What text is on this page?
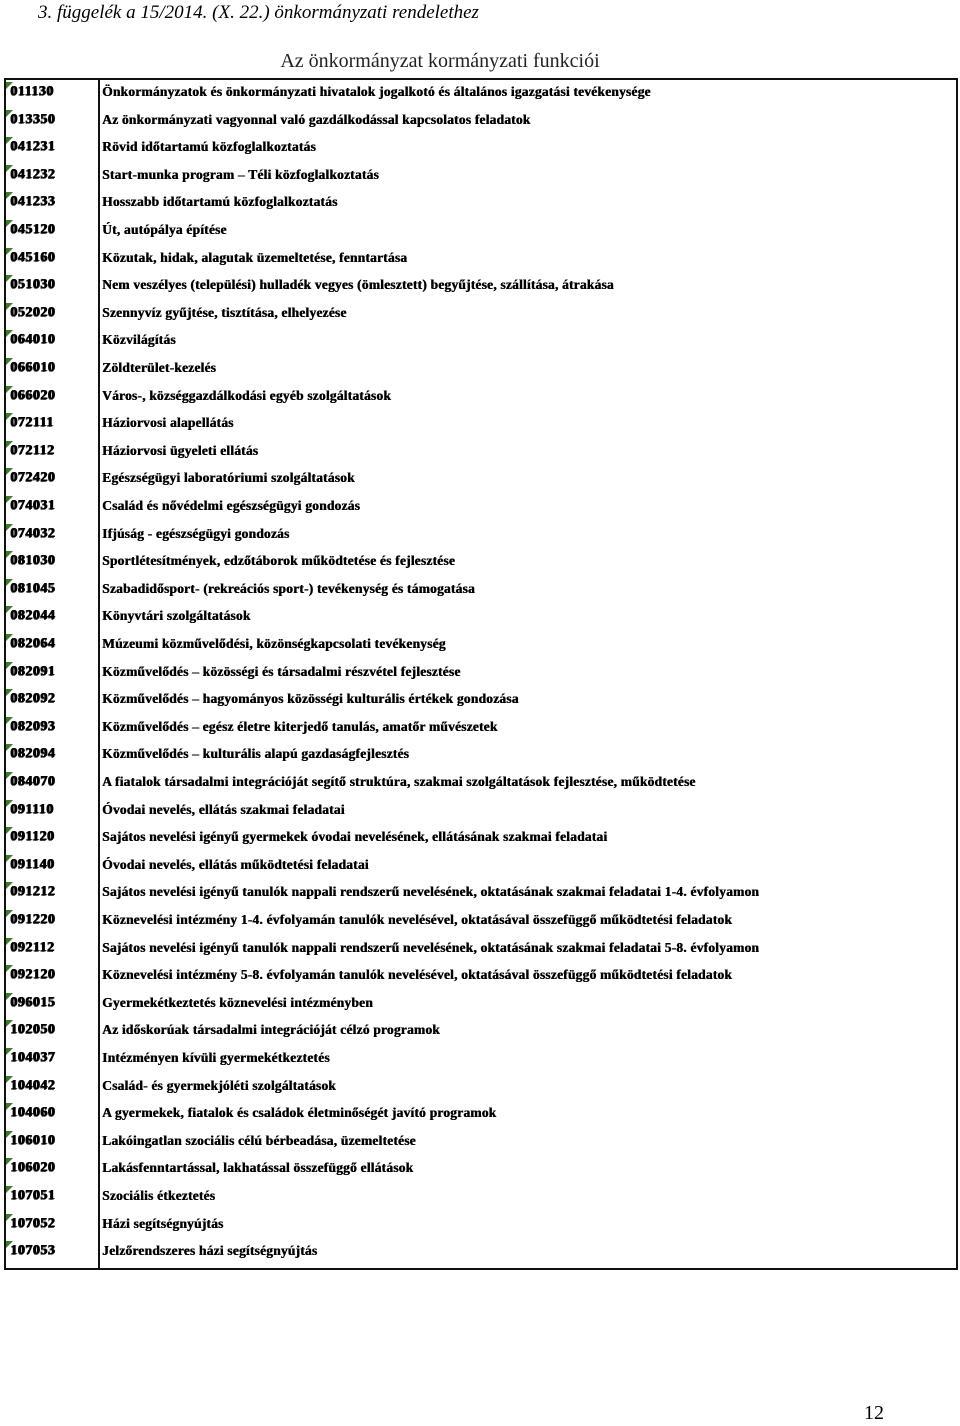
3. függelék a 15/2014. (X. 22.) önkormányzati rendelethez
Az önkormányzat kormányzati funkciói
011130	Önkormányzatok és önkormányzati hivatalok jogalkotó és általános igazgatási tevékenysége
013350	Az önkormányzati vagyonnal való gazdálkodással kapcsolatos feladatok
041231	Rövid időtartamú közfoglalkoztatás
041232	Start-munka program – Téli közfoglalkoztatás
041233	Hosszabb időtartamú közfoglalkoztatás
045120	Út, autópálya építése
045160	Közutak, hidak, alagutak üzemeltetése, fenntartása
051030	Nem veszélyes (települési) hulladék vegyes (ömlesztett) begyűjtése, szállítása, átrakása
052020	Szennyvíz gyűjtése, tisztítása, elhelyezése
064010	Közvilágítás
066010	Zöldterület-kezelés
066020	Város-, községgazdálkodási egyéb szolgáltatások
072111	Háziorvosi alapellátás
072112	Háziorvosi ügyeleti ellátás
072420	Egészségügyi laboratóriumi szolgáltatások
074031	Család és nővédelmi egészségügyi gondozás
074032	Ifjúság - egészségügyi gondozás
081030	Sportlétesítmények, edzőtáborok működtetése és fejlesztése
081045	Szabadidősport- (rekreációs sport-) tevékenység és támogatása
082044	Könyvtári szolgáltatások
082064	Múzeumi közművelődési, közönségkapcsolati tevékenység
082091	Közművelődés – közösségi és társadalmi részvétel fejlesztése
082092	Közművelődés – hagyományos közösségi kulturális értékek gondozása
082093	Közművelődés – egész életre kiterjedő tanulás, amatőr művészetek
082094	Közművelődés – kulturális alapú gazdaságfejlesztés
084070	A fiatalok társadalmi integrációját segítő struktúra, szakmai szolgáltatások fejlesztése, működtetése
091110	Óvodai nevelés, ellátás szakmai feladatai
091120	Sajátos nevelési igényű gyermekek óvodai nevelésének, ellátásának szakmai feladatai
091140	Óvodai nevelés, ellátás működtetési feladatai
091212	Sajátos nevelési igényű tanulók nappali rendszerű nevelésének, oktatásának szakmai feladatai 1-4. évfolyamon
091220	Köznevelési intézmény 1-4. évfolyamán tanulók nevelésével, oktatásával összefüggő működtetési feladatok
092112	Sajátos nevelési igényű tanulók nappali rendszerű nevelésének, oktatásának szakmai feladatai 5-8. évfolyamon
092120	Köznevelési intézmény 5-8. évfolyamán tanulók nevelésével, oktatásával összefüggő működtetési feladatok
096015	Gyermekétkeztetés köznevelési intézményben
102050	Az időskorúak társadalmi integrációját célzó programok
104037	Intézményen kívüli gyermekétkeztetés
104042	Család- és gyermekjóléti szolgáltatások
104060	A gyermekek, fiatalok és családok életminőségét javító programok
106010	Lakóingatlan szociális célú bérbeadása, üzemeltetése
106020	Lakásfenntartással, lakhatással összefüggő ellátások
107051	Szociális étkeztetés
107052	Házi segítségnyújtás
107053	Jelzőrendszeres házi segítségnyújtás
12
